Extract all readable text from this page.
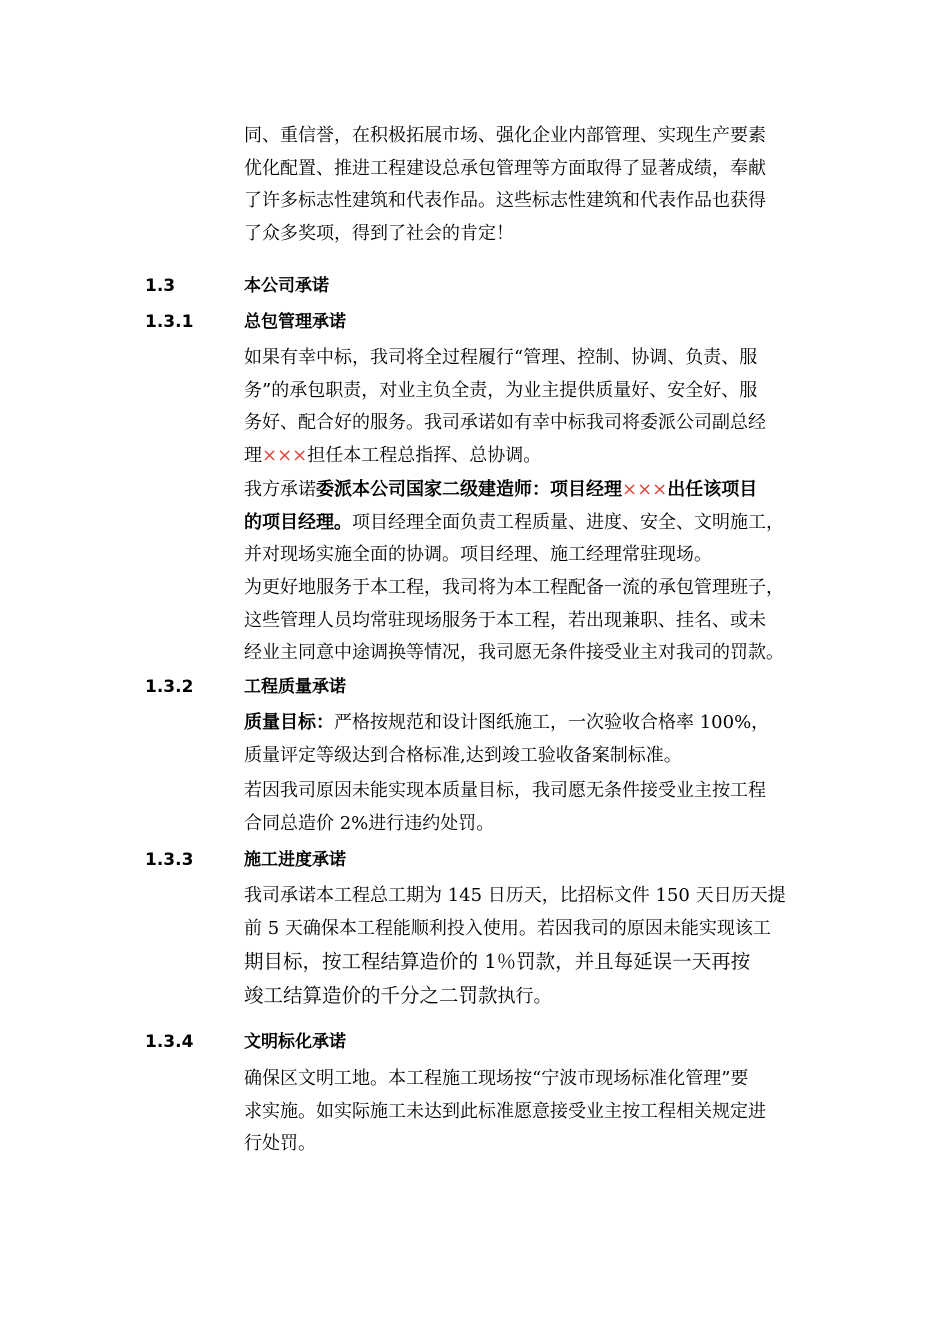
同、重信誉，在积极拓展市场、强化企业内部管理、实现生产要素
优化配置、推进工程建设总承包管理等方面取得了显著成绩，奉献
了许多标志性建筑和代表作品。这些标志性建筑和代表作品也获得
了众多奖项，得到了社会的肯定！
1.3	本公司承诺
1.3.1	总包管理承诺
如果有幸中标，我司将全过程履行“管理、控制、协调、负责、服
务”的承包职责，对业主负全责，为业主提供质量好、安全好、服
务好、配合好的服务。我司承诺如有幸中标我司将委派公司副总经
理×××担任本工程总指挥、总协调。
我方承诺委派本公司国家二级建造师：项目经理×××出任该项目
的项目经理。项目经理全面负责工程质量、进度、安全、文明施工，
并对现场实施全面的协调。项目经理、施工经理常驻现场。
为更好地服务于本工程，我司将为本工程配备一流的承包管理班子，
这些管理人员均常驻现场服务于本工程，若出现兼职、挂名、或未
经业主同意中途调换等情况，我司愿无条件接受业主对我司的罚款。
1.3.2	工程质量承诺
质量目标：严格按规范和设计图纸施工，一次验收合格率 100%，
质量评定等级达到合格标准,达到竣工验收备案制标准。
若因我司原因未能实现本质量目标，我司愿无条件接受业主按工程
合同总造价 2%进行违约处罚。
1.3.3	施工进度承诺
我司承诺本工程总工期为 145 日历天，比招标文件 150 天日历天提
前 5 天确保本工程能顺利投入使用。若因我司的原因未能实现该工
期目标，按工程结算造价的 1％罚款，并且每延误一天再按
竣工结算造价的千分之二罚款执行。
1.3.4	文明标化承诺
确保区文明工地。本工程施工现场按“宁波市现场标准化管理”要
求实施。如实际施工未达到此标准愿意接受业主按工程相关规定进
行处罚。
